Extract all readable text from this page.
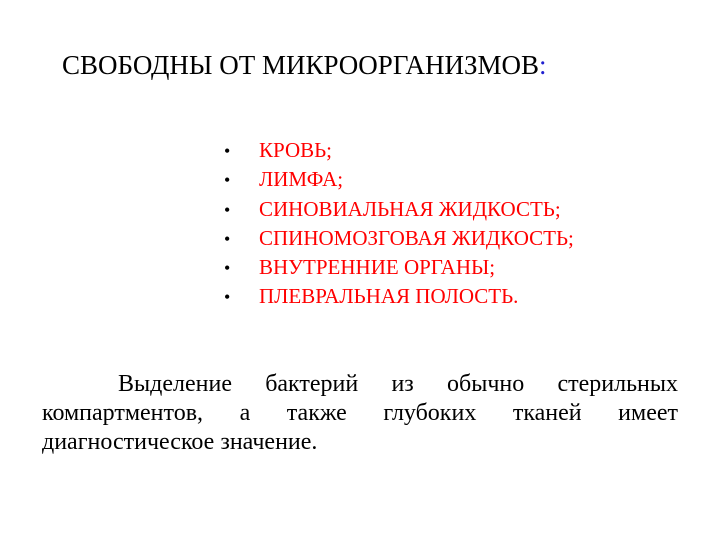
СВОБОДНЫ ОТ МИКРООРГАНИЗМОВ:
•	КРОВЬ;
•	ЛИМФА;
•	СИНОВИАЛЬНАЯ ЖИДКОСТЬ;
•	СПИНОМОЗГОВАЯ ЖИДКОСТЬ;
•	ВНУТРЕННИЕ ОРГАНЫ;
•	ПЛЕВРАЛЬНАЯ ПОЛОСТЬ.

Выделение бактерий из обычно стерильных компартментов, а также глубоких тканей имеет диагностическое значение.
